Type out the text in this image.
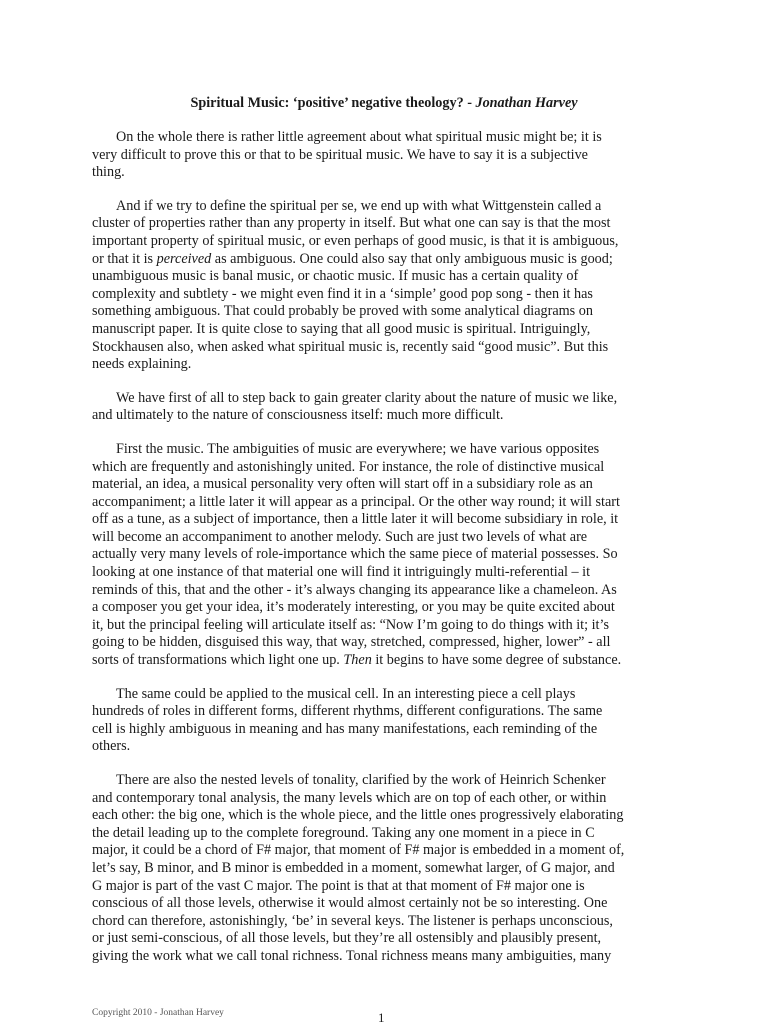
Spiritual Music: ‘positive’ negative theology? - Jonathan Harvey

On the whole there is rather little agreement about what spiritual music might be; it is
very difficult to prove this or that to be spiritual music. We have to say it is a subjective
thing.

And if we try to define the spiritual per se, we end up with what Wittgenstein called a
cluster of properties rather than any property in itself. But what one can say is that the most
important property of spiritual music, or even perhaps of good music, is that it is ambiguous,
or that it is perceived as ambiguous. One could also say that only ambiguous music is good;
unambiguous music is banal music, or chaotic music. If music has a certain quality of
complexity and subtlety - we might even find it in a ‘simple’ good pop song - then it has
something ambiguous. That could probably be proved with some analytical diagrams on
manuscript paper. It is quite close to saying that all good music is spiritual. Intriguingly,
Stockhausen also, when asked what spiritual music is, recently said “good music”. But this
needs explaining.

We have first of all to step back to gain greater clarity about the nature of music we like,
and ultimately to the nature of consciousness itself: much more difficult.

First the music. The ambiguities of music are everywhere; we have various opposites
which are frequently and astonishingly united. For instance, the role of distinctive musical
material, an idea, a musical personality very often will start off in a subsidiary role as an
accompaniment; a little later it will appear as a principal. Or the other way round; it will start
off as a tune, as a subject of importance, then a little later it will become subsidiary in role, it
will become an accompaniment to another melody. Such are just two levels of what are
actually very many levels of role-importance which the same piece of material possesses. So
looking at one instance of that material one will find it intriguingly multi-referential – it
reminds of this, that and the other - it’s always changing its appearance like a chameleon. As
a composer you get your idea, it’s moderately interesting, or you may be quite excited about
it, but the principal feeling will articulate itself as: “Now I’m going to do things with it; it’s
going to be hidden, disguised this way, that way, stretched, compressed, higher, lower” - all
sorts of transformations which light one up. Then it begins to have some degree of substance.

The same could be applied to the musical cell. In an interesting piece a cell plays
hundreds of roles in different forms, different rhythms, different configurations. The same
cell is highly ambiguous in meaning and has many manifestations, each reminding of the
others.

There are also the nested levels of tonality, clarified by the work of Heinrich Schenker
and contemporary tonal analysis, the many levels which are on top of each other, or within
each other: the big one, which is the whole piece, and the little ones progressively elaborating
the detail leading up to the complete foreground. Taking any one moment in a piece in C
major, it could be a chord of F# major, that moment of F# major is embedded in a moment of,
let’s say, B minor, and B minor is embedded in a moment, somewhat larger, of G major, and
G major is part of the vast C major. The point is that at that moment of F# major one is
conscious of all those levels, otherwise it would almost certainly not be so interesting. One
chord can therefore, astonishingly, ‘be’ in several keys. The listener is perhaps unconscious,
or just semi-conscious, of all those levels, but they’re all ostensibly and plausibly present,
giving the work what we call tonal richness. Tonal richness means many ambiguities, many

Copyright 2010 - Jonathan Harvey	1
